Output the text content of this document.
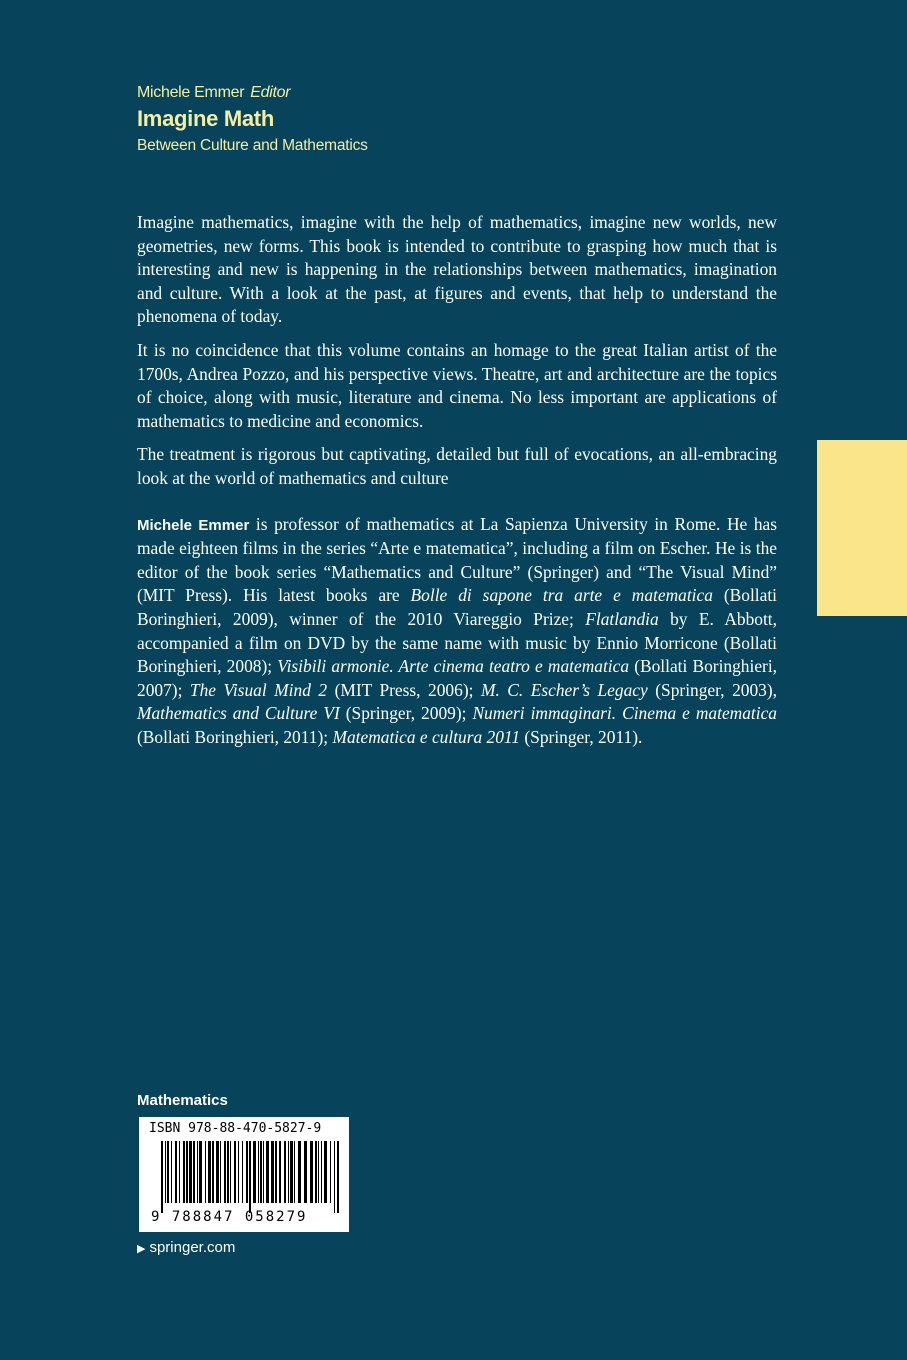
Michele Emmer Editor
Imagine Math
Between Culture and Mathematics

Imagine mathematics, imagine with the help of mathematics, imagine new worlds, new geometries, new forms. This book is intended to contribute to grasping how much that is interesting and new is happening in the relationships between mathematics, imagination and culture. With a look at the past, at figures and events, that help to understand the phenomena of today.

It is no coincidence that this volume contains an homage to the great Italian artist of the 1700s, Andrea Pozzo, and his perspective views. Theatre, art and architecture are the topics of choice, along with music, literature and cinema. No less important are applications of mathematics to medicine and economics.

The treatment is rigorous but captivating, detailed but full of evocations, an all-embracing look at the world of mathematics and culture

Michele Emmer is professor of mathematics at La Sapienza University in Rome. He has made eighteen films in the series “Arte e matematica”, including a film on Escher. He is the editor of the book series “Mathematics and Culture” (Springer) and “The Visual Mind” (MIT Press). His latest books are Bolle di sapone tra arte e matematica (Bollati Boringhieri, 2009), winner of the 2010 Viareggio Prize; Flatlandia by E. Abbott, accompanied a film on DVD by the same name with music by Ennio Morricone (Bollati Boringhieri, 2008); Visibili armonie. Arte cinema teatro e matematica (Bollati Boringhieri, 2007); The Visual Mind 2 (MIT Press, 2006); M. C. Escher’s Legacy (Springer, 2003), Mathematics and Culture VI (Springer, 2009); Numeri immaginari. Cinema e matematica (Bollati Boringhieri, 2011); Matematica e cultura 2011 (Springer, 2011).

Mathematics
ISBN 978-88-470-5827-9
9 788847 058279
▶ springer.com
